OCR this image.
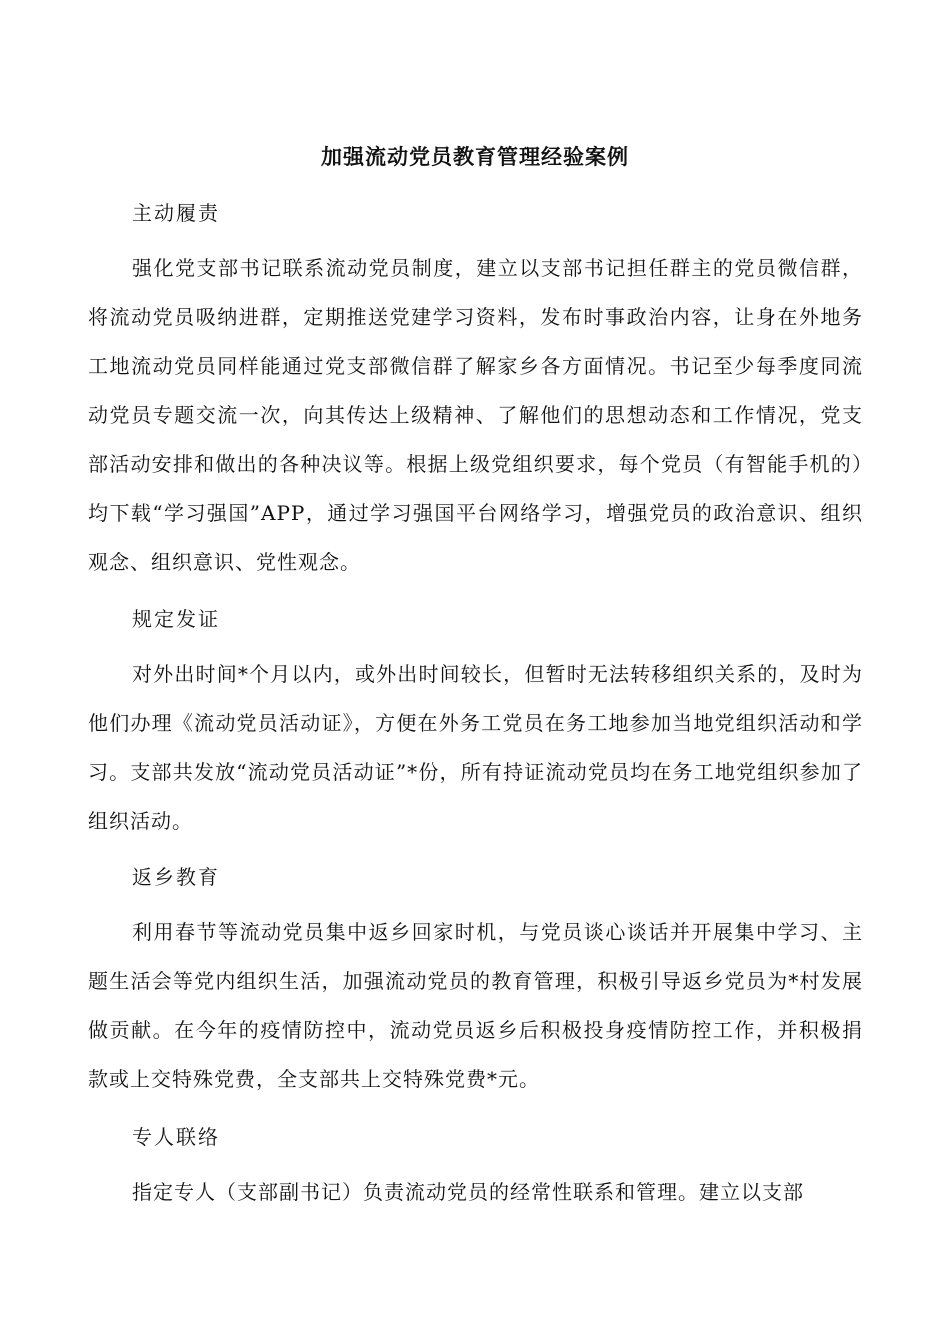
加强流动党员教育管理经验案例

主动履责

强化党支部书记联系流动党员制度，建立以支部书记担任群主的党员微信群，将流动党员吸纳进群，定期推送党建学习资料，发布时事政治内容，让身在外地务工地流动党员同样能通过党支部微信群了解家乡各方面情况。书记至少每季度同流动党员专题交流一次，向其传达上级精神、了解他们的思想动态和工作情况，党支部活动安排和做出的各种决议等。根据上级党组织要求，每个党员（有智能手机的）均下载“学习强国”APP，通过学习强国平台网络学习，增强党员的政治意识、组织观念、组织意识、党性观念。

规定发证

对外出时间*个月以内，或外出时间较长，但暂时无法转移组织关系的，及时为他们办理《流动党员活动证》，方便在外务工党员在务工地参加当地党组织活动和学习。支部共发放“流动党员活动证”*份，所有持证流动党员均在务工地党组织参加了组织活动。

返乡教育

利用春节等流动党员集中返乡回家时机，与党员谈心谈话并开展集中学习、主题生活会等党内组织生活，加强流动党员的教育管理，积极引导返乡党员为*村发展做贡献。在今年的疫情防控中，流动党员返乡后积极投身疫情防控工作，并积极捐款或上交特殊党费，全支部共上交特殊党费*元。

专人联络

指定专人（支部副书记）负责流动党员的经常性联系和管理。建立以支部
